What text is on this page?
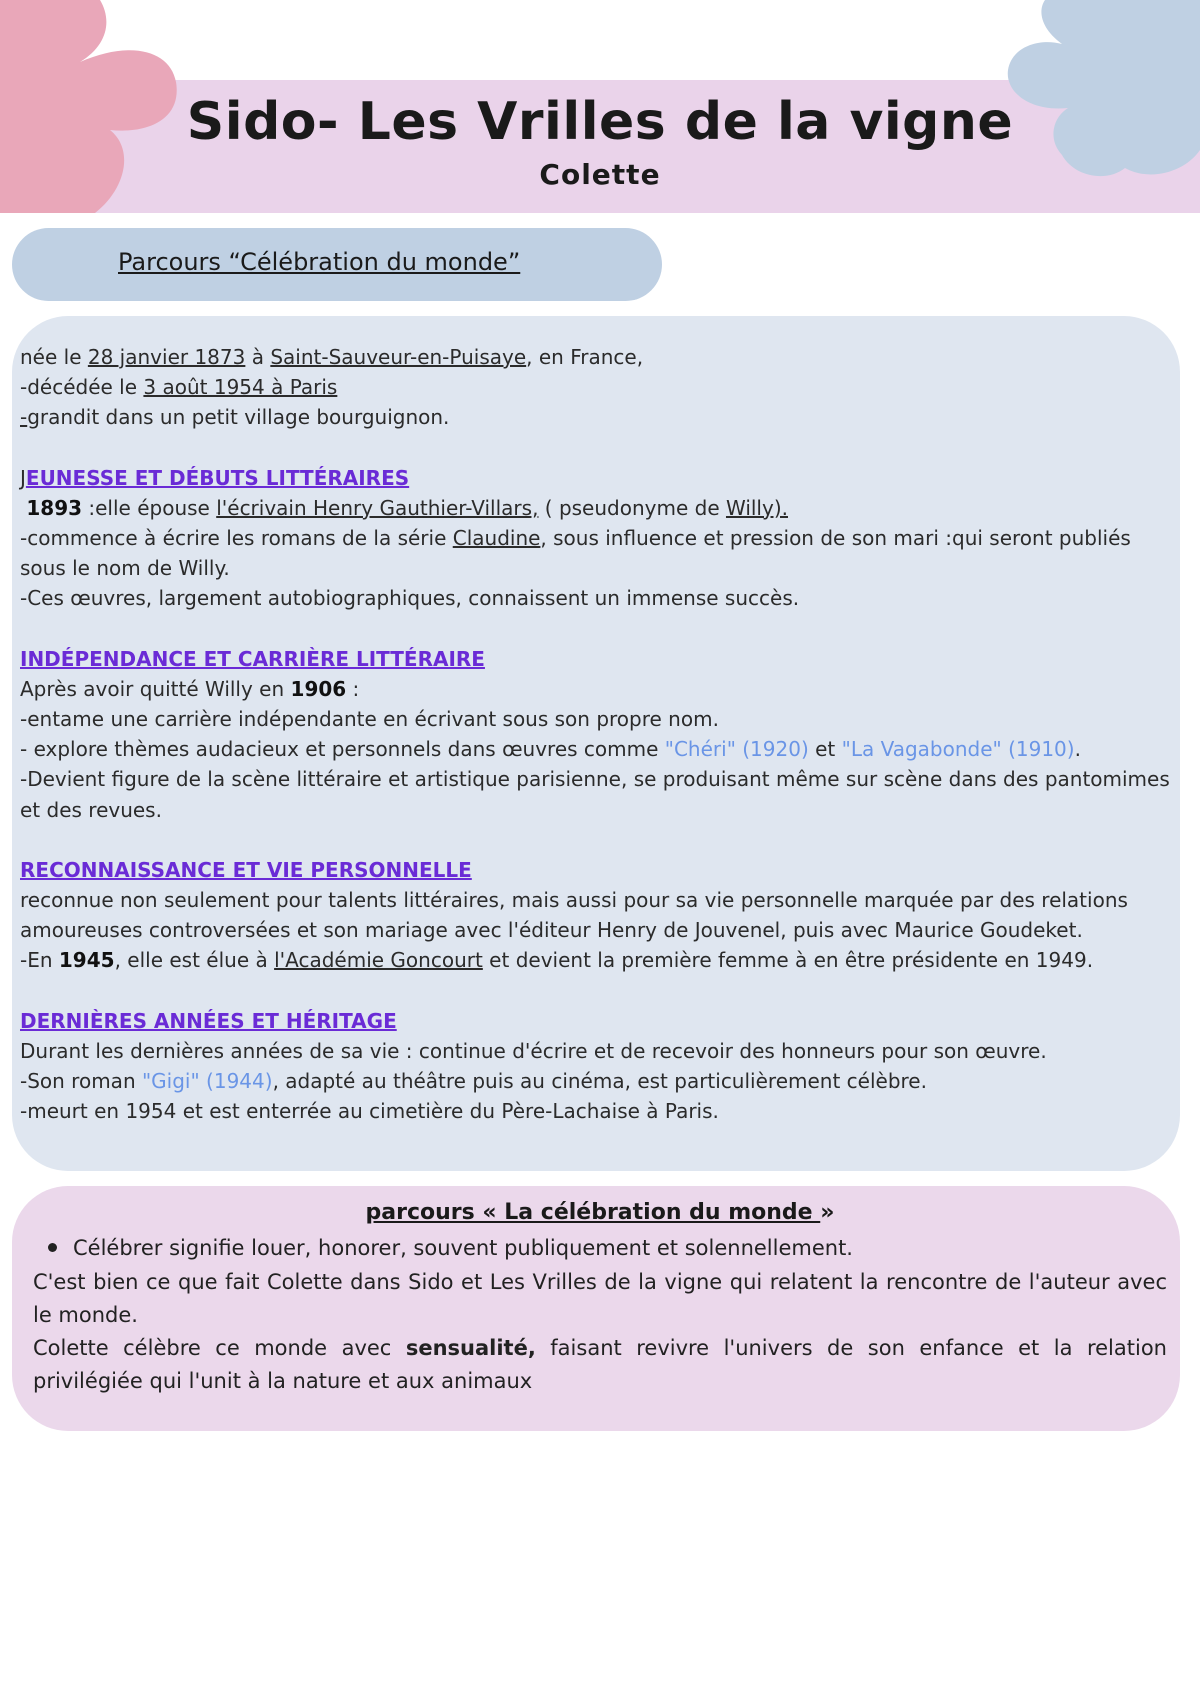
Sido- Les Vrilles de la vigne
Colette
Parcours “Célébration du monde”
née le 28 janvier 1873 à Saint-Sauveur-en-Puisaye, en France,
-décédée le 3 août 1954 à Paris
-grandit dans un petit village bourguignon.
JEUNESSE ET DÉBUTS LITTÉRAIRES
1893 :elle épouse l'écrivain Henry Gauthier-Villars, ( pseudonyme de Willy).
-commence à écrire les romans de la série Claudine, sous influence et pression de son mari :qui seront publiés sous le nom de Willy.
-Ces œuvres, largement autobiographiques, connaissent un immense succès.
INDÉPENDANCE ET CARRIÈRE LITTÉRAIRE
Après avoir quitté Willy en 1906 :
-entame une carrière indépendante en écrivant sous son propre nom.
- explore thèmes audacieux et personnels dans œuvres comme "Chéri" (1920) et "La Vagabonde" (1910).
-Devient figure de la scène littéraire et artistique parisienne, se produisant même sur scène dans des pantomimes et des revues.
RECONNAISSANCE ET VIE PERSONNELLE
reconnue non seulement pour talents littéraires, mais aussi pour sa vie personnelle marquée par des relations amoureuses controversées et son mariage avec l'éditeur Henry de Jouvenel, puis avec Maurice Goudeket.
-En 1945, elle est élue à l'Académie Goncourt et devient la première femme à en être présidente en 1949.
DERNIÈRES ANNÉES ET HÉRITAGE
Durant les dernières années de sa vie : continue d'écrire et de recevoir des honneurs pour son œuvre.
-Son roman "Gigi" (1944), adapté au théâtre puis au cinéma, est particulièrement célèbre.
-meurt en 1954 et est enterrée au cimetière du Père-Lachaise à Paris.
parcours « La célébration du monde »
Célébrer signifie louer, honorer, souvent publiquement et solennellement.
C'est bien ce que fait Colette dans Sido et Les Vrilles de la vigne qui relatent la rencontre de l'auteur avec le monde.
Colette célèbre ce monde avec sensualité, faisant revivre l'univers de son enfance et la relation privilégiée qui l'unit à la nature et aux animaux
